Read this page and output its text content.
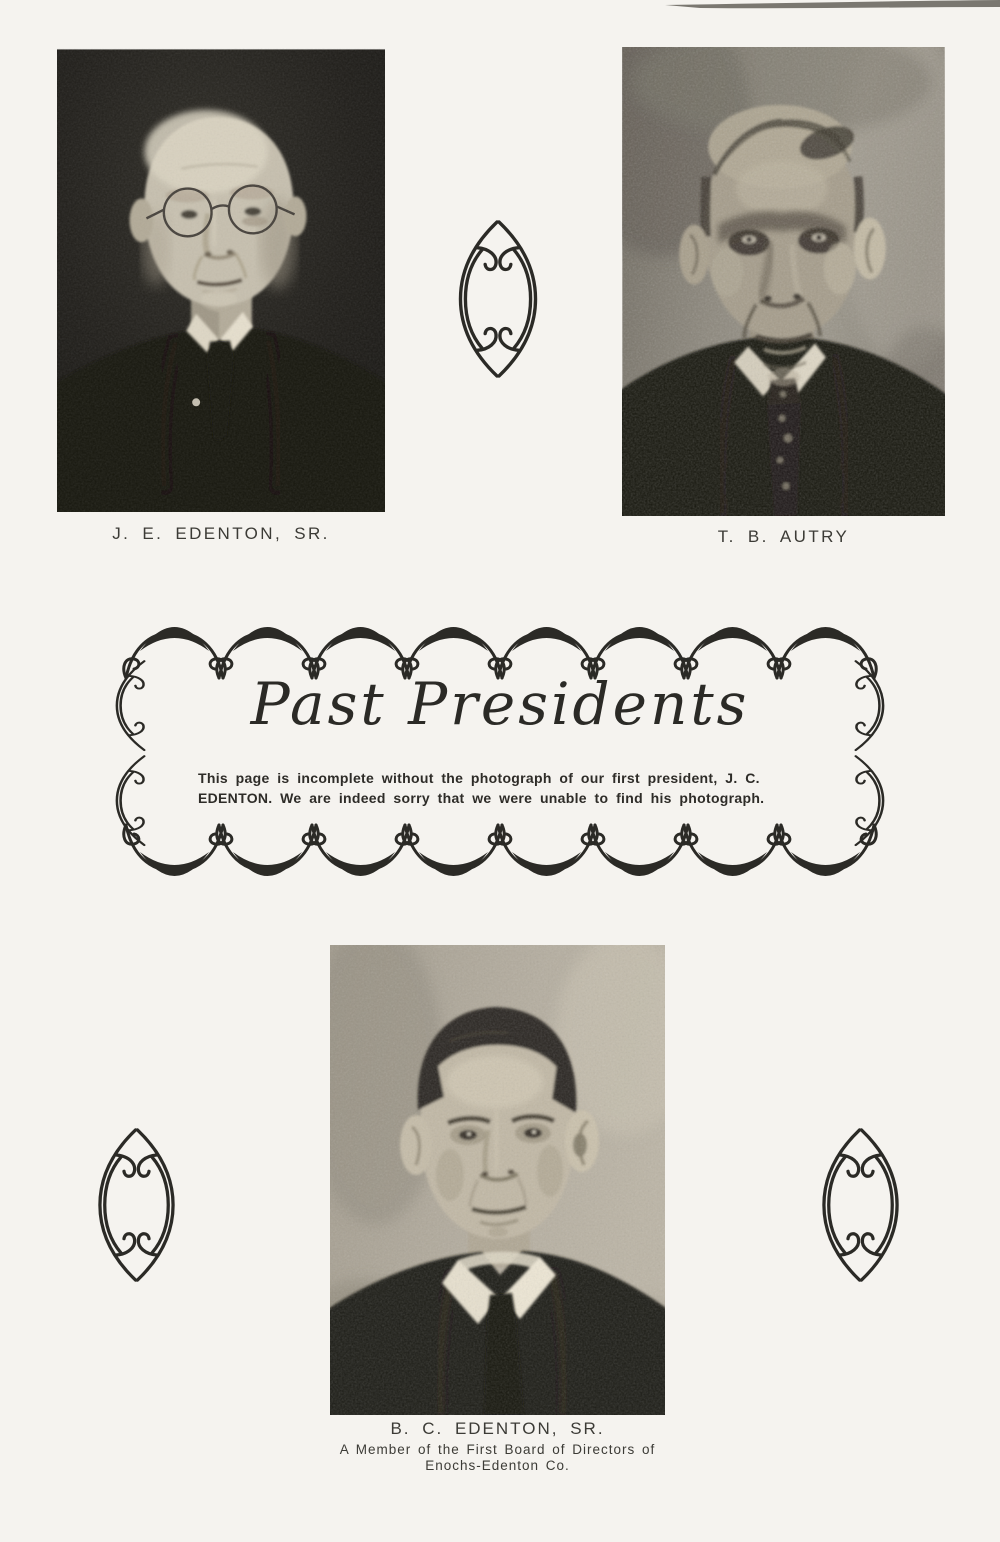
J. E. EDENTON, SR.	T. B. AUTRY
Past Presidents
This page is incomplete without the photograph of our first president, J. C.
EDENTON. We are indeed sorry that we were unable to find his photograph.
B. C. EDENTON, SR.
A Member of the First Board of Directors of
Enochs-Edenton Co.
